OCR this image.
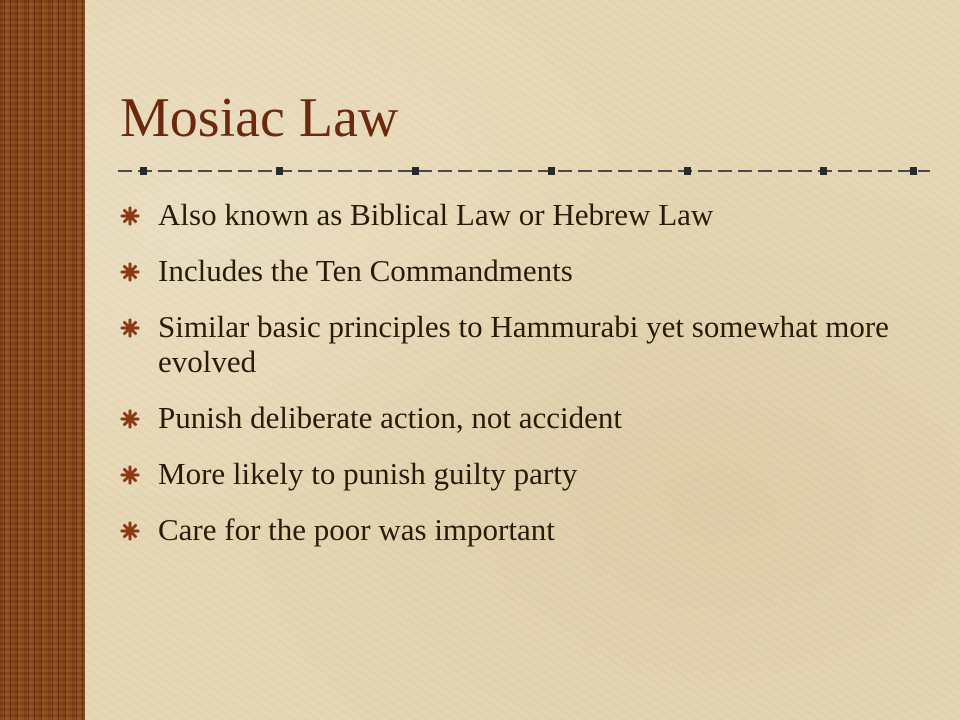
Mosiac Law
Also known as Biblical Law or Hebrew Law
Includes the Ten Commandments
Similar basic principles to Hammurabi yet somewhat more evolved
Punish deliberate action, not accident
More likely to punish guilty party
Care for the poor was important
